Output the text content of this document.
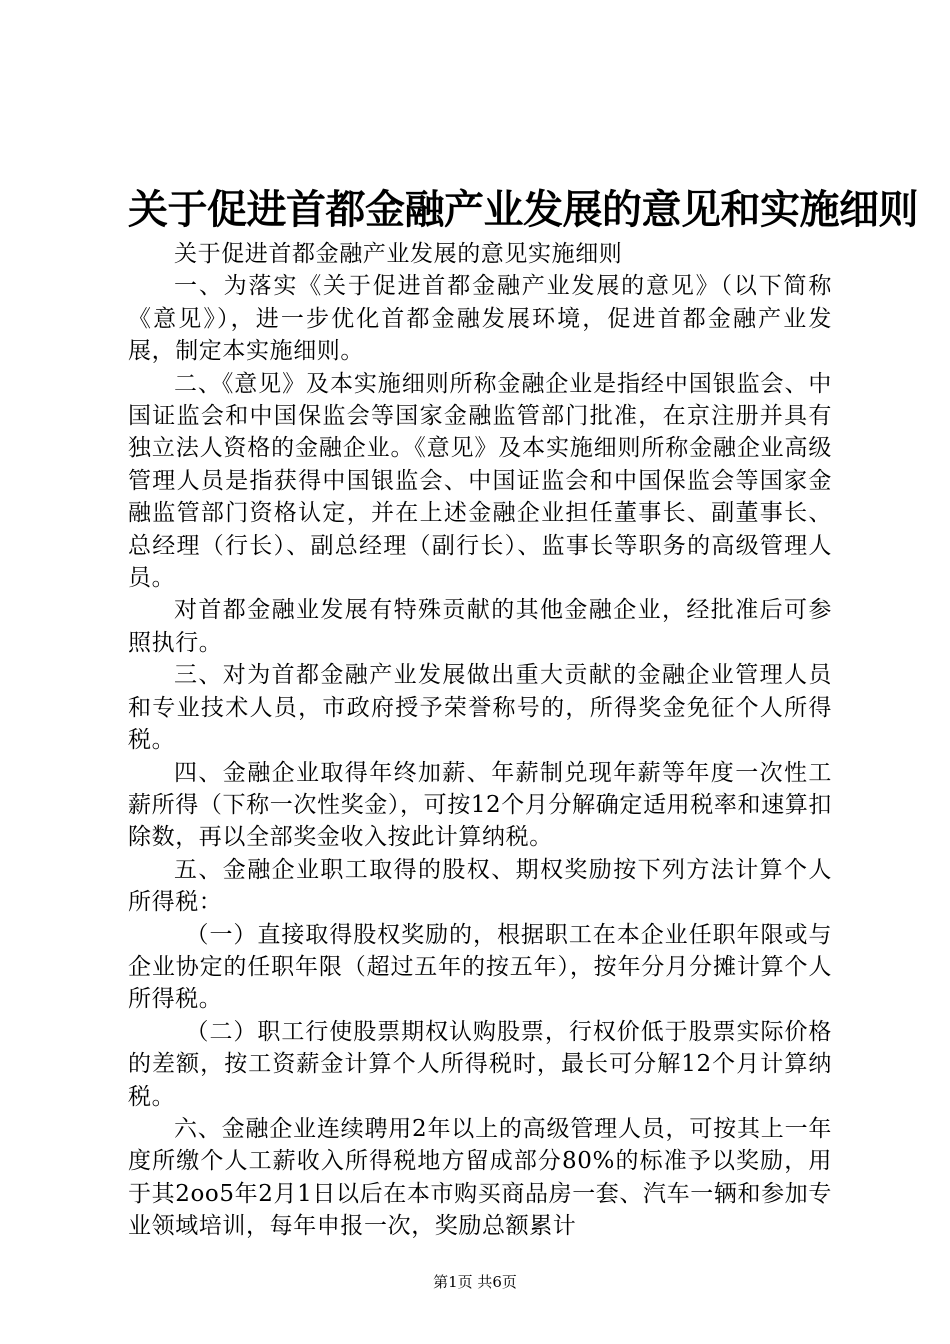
关于促进首都金融产业发展的意见和实施细则

关于促进首都金融产业发展的意见实施细则

一、为落实《关于促进首都金融产业发展的意见》（以下简称《意见》），进一步优化首都金融发展环境，促进首都金融产业发展，制定本实施细则。

二、《意见》及本实施细则所称金融企业是指经中国银监会、中国证监会和中国保监会等国家金融监管部门批准，在京注册并具有独立法人资格的金融企业。《意见》及本实施细则所称金融企业高级管理人员是指获得中国银监会、中国证监会和中国保监会等国家金融监管部门资格认定，并在上述金融企业担任董事长、副董事长、总经理（行长）、副总经理（副行长）、监事长等职务的高级管理人员。

对首都金融业发展有特殊贡献的其他金融企业，经批准后可参照执行。

三、对为首都金融产业发展做出重大贡献的金融企业管理人员和专业技术人员，市政府授予荣誉称号的，所得奖金免征个人所得税。

四、金融企业取得年终加薪、年薪制兑现年薪等年度一次性工薪所得（下称一次性奖金），可按12个月分解确定适用税率和速算扣除数，再以全部奖金收入按此计算纳税。

五、金融企业职工取得的股权、期权奖励按下列方法计算个人所得税：

（一）直接取得股权奖励的，根据职工在本企业任职年限或与企业协定的任职年限（超过五年的按五年），按年分月分摊计算个人所得税。

（二）职工行使股票期权认购股票，行权价低于股票实际价格的差额，按工资薪金计算个人所得税时，最长可分解12个月计算纳税。

六、金融企业连续聘用2年以上的高级管理人员，可按其上一年度所缴个人工薪收入所得税地方留成部分80%的标准予以奖励，用于其2oo5年2月1日以后在本市购买商品房一套、汽车一辆和参加专业领域培训，每年申报一次，奖励总额累计

第1页 共6页
